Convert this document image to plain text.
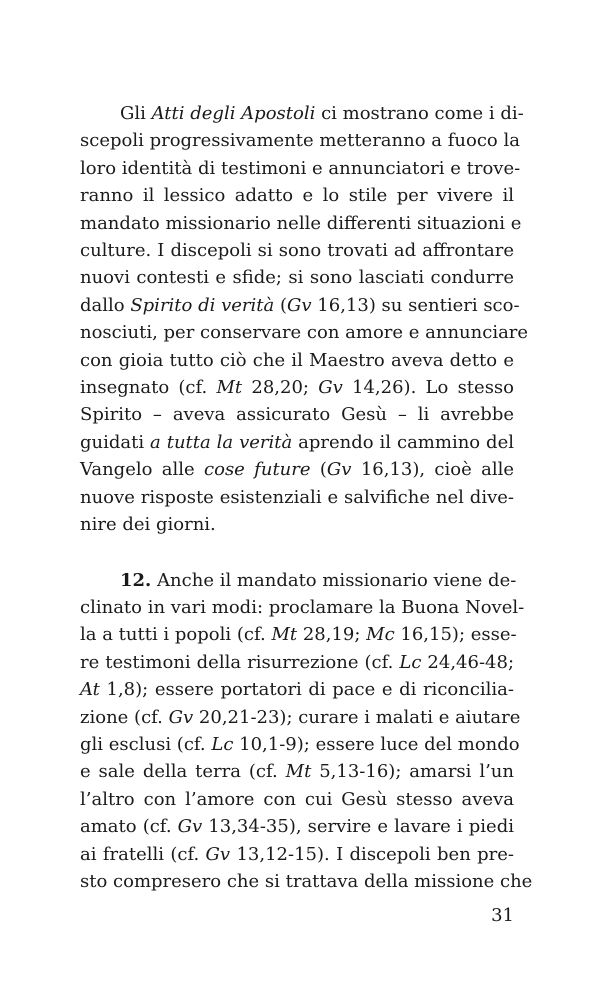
Gli Atti degli Apostoli ci mostrano come i di-
scepoli progressivamente metteranno a fuoco la
loro identità di testimoni e annunciatori e trove-
ranno il lessico adatto e lo stile per vivere il
mandato missionario nelle differenti situazioni e
culture. I discepoli si sono trovati ad affrontare
nuovi contesti e sfide; si sono lasciati condurre
dallo Spirito di verità (Gv 16,13) su sentieri sco-
nosciuti, per conservare con amore e annunciare
con gioia tutto ciò che il Maestro aveva detto e
insegnato (cf. Mt 28,20; Gv 14,26). Lo stesso
Spirito – aveva assicurato Gesù – li avrebbe
guidati a tutta la verità aprendo il cammino del
Vangelo alle cose future (Gv 16,13), cioè alle
nuove risposte esistenziali e salvifiche nel dive-
nire dei giorni.
12. Anche il mandato missionario viene de-
clinato in vari modi: proclamare la Buona Novel-
la a tutti i popoli (cf. Mt 28,19; Mc 16,15); esse-
re testimoni della risurrezione (cf. Lc 24,46-48;
At 1,8); essere portatori di pace e di riconcilia-
zione (cf. Gv 20,21-23); curare i malati e aiutare
gli esclusi (cf. Lc 10,1-9); essere luce del mondo
e sale della terra (cf. Mt 5,13-16); amarsi l’un
l’altro con l’amore con cui Gesù stesso aveva
amato (cf. Gv 13,34-35), servire e lavare i piedi
ai fratelli (cf. Gv 13,12-15). I discepoli ben pre-
sto compresero che si trattava della missione che
31
